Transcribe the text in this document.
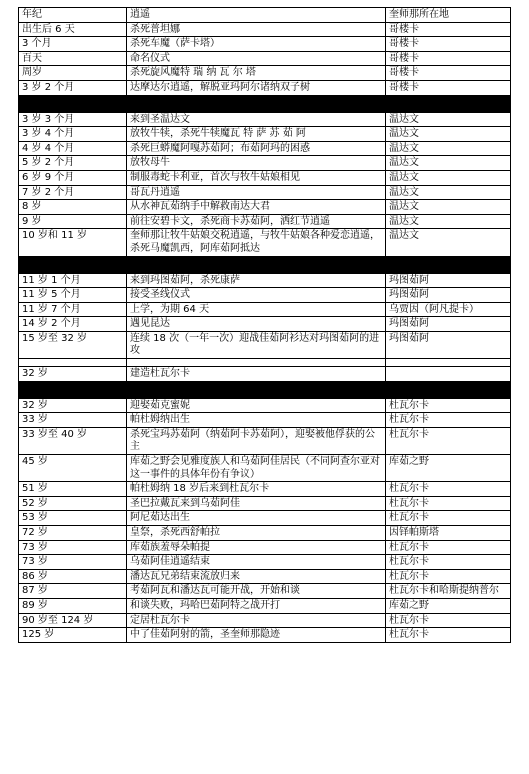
年纪	逍遥	奎师那所在地
出生后 6 天	杀死普坦娜	哥楼卡
3 个月	杀死车魔（萨卡塔）	哥楼卡
百天	命名仪式	哥楼卡
周岁	杀死旋风魔特 瑞 纳 瓦 尔 塔	哥楼卡
3 岁 2 个月	达摩达尔逍遥，解脱亚玛阿尔诸纳双子树	哥楼卡

3 岁 3 个月	来到圣温达文	温达文
3 岁 4 个月	放牧牛犊，杀死牛犊魔瓦 特 萨 苏 茹 阿	温达文
4 岁 4 个月	杀死巨蟒魔阿嘎苏茹阿；布茹阿玛的困惑	温达文
5 岁 2 个月	放牧母牛	温达文
6 岁 9 个月	制服毒蛇卡利亚，首次与牧牛姑娘相见	温达文
7 岁 2 个月	哥瓦丹逍遥	温达文
8 岁	从水神瓦茹纳手中解救南达大君	温达文
9 岁	前往安碧卡文，杀死商卡苏茹阿，洒红节逍遥	温达文
10 岁和 11 岁	奎师那让牧牛姑娘交税逍遥，与牧牛姑娘各种爱恋逍遥，杀死马魔凯西，阿库茹阿抵达	温达文

11 岁 1 个月	来到玛图茹阿，杀死康萨	玛图茹阿
11 岁 5 个月	接受圣线仪式	玛图茹阿
11 岁 7 个月	上学，为期 64 天	乌贾因（阿凡提卡）
14 岁 2 个月	遇见昆达	玛图茹阿
15 岁至 32 岁	连续 18 次（一年一次）迎战佳茹阿衫达对玛图茹阿的进攻	玛图茹阿

32 岁	建造杜瓦尔卡	

32 岁	迎娶茹克蜜妮	杜瓦尔卡
33 岁	帕杜姆纳出生	杜瓦尔卡
33 岁至 40 岁	杀死宝玛苏茹阿（纳茹阿卡苏茹阿），迎娶被他俘获的公主	杜瓦尔卡
45 岁	库茹之野会见雅度族人和乌茹阿佳居民（不同阿查尔亚对这一事件的具体年份有争议）	库茹之野
51 岁	帕杜姆纳 18 岁后来到杜瓦尔卡	杜瓦尔卡
52 岁	圣巴拉戴瓦来到乌茹阿佳	杜瓦尔卡
53 岁	阿尼茹达出生	杜瓦尔卡
72 岁	皇祭，杀死西舒帕拉	因铎帕斯塔
73 岁	库茹族羞辱朵帕提	杜瓦尔卡
73 岁	乌茹阿佳逍遥结束	杜瓦尔卡
86 岁	潘达瓦兄弟结束流放归来	杜瓦尔卡
87 岁	考茹阿瓦和潘达瓦可能开战，开始和谈	杜瓦尔卡和哈斯提纳普尔
89 岁	和谈失败，玛哈巴茹阿特之战开打	库茹之野
90 岁至 124 岁	定居杜瓦尔卡	杜瓦尔卡
125 岁	中了佳茹阿射的箭，圣奎师那隐迹	杜瓦尔卡
